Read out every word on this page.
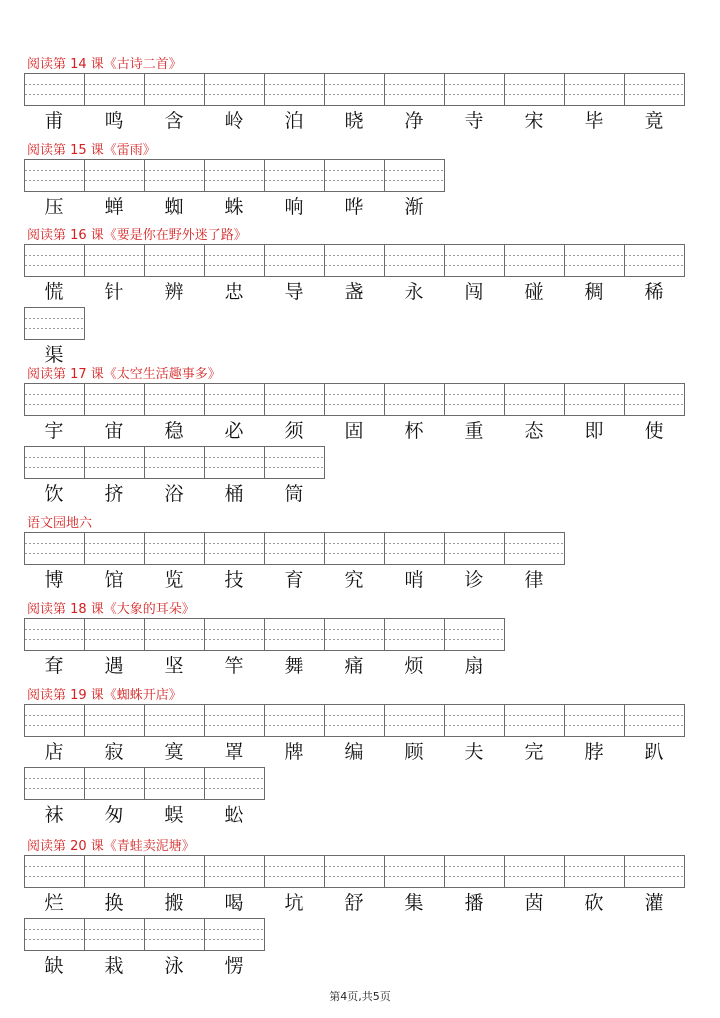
阅读第 14 课《古诗二首》
甫	鸣	含	岭	泊	晓	净	寺	宋	毕	竟
阅读第 15 课《雷雨》
压	蝉	蜘	蛛	响	哗	渐
阅读第 16 课《要是你在野外迷了路》
慌	针	辨	忠	导	盏	永	闯	碰	稠	稀
渠
阅读第 17 课《太空生活趣事多》
宇	宙	稳	必	须	固	杯	重	态	即	使
饮	挤	浴	桶	筒
语文园地六
博	馆	览	技	育	究	哨	诊	律
阅读第 18 课《大象的耳朵》
耷	遇	坚	竿	舞	痛	烦	扇
阅读第 19 课《蜘蛛开店》
店	寂	寞	罩	牌	编	顾	夫	完	脖	趴
袜	匆	蜈	蚣
阅读第 20 课《青蛙卖泥塘》
烂	换	搬	喝	坑	舒	集	播	茵	砍	灌
缺	栽	泳	愣
第4页,共5页
